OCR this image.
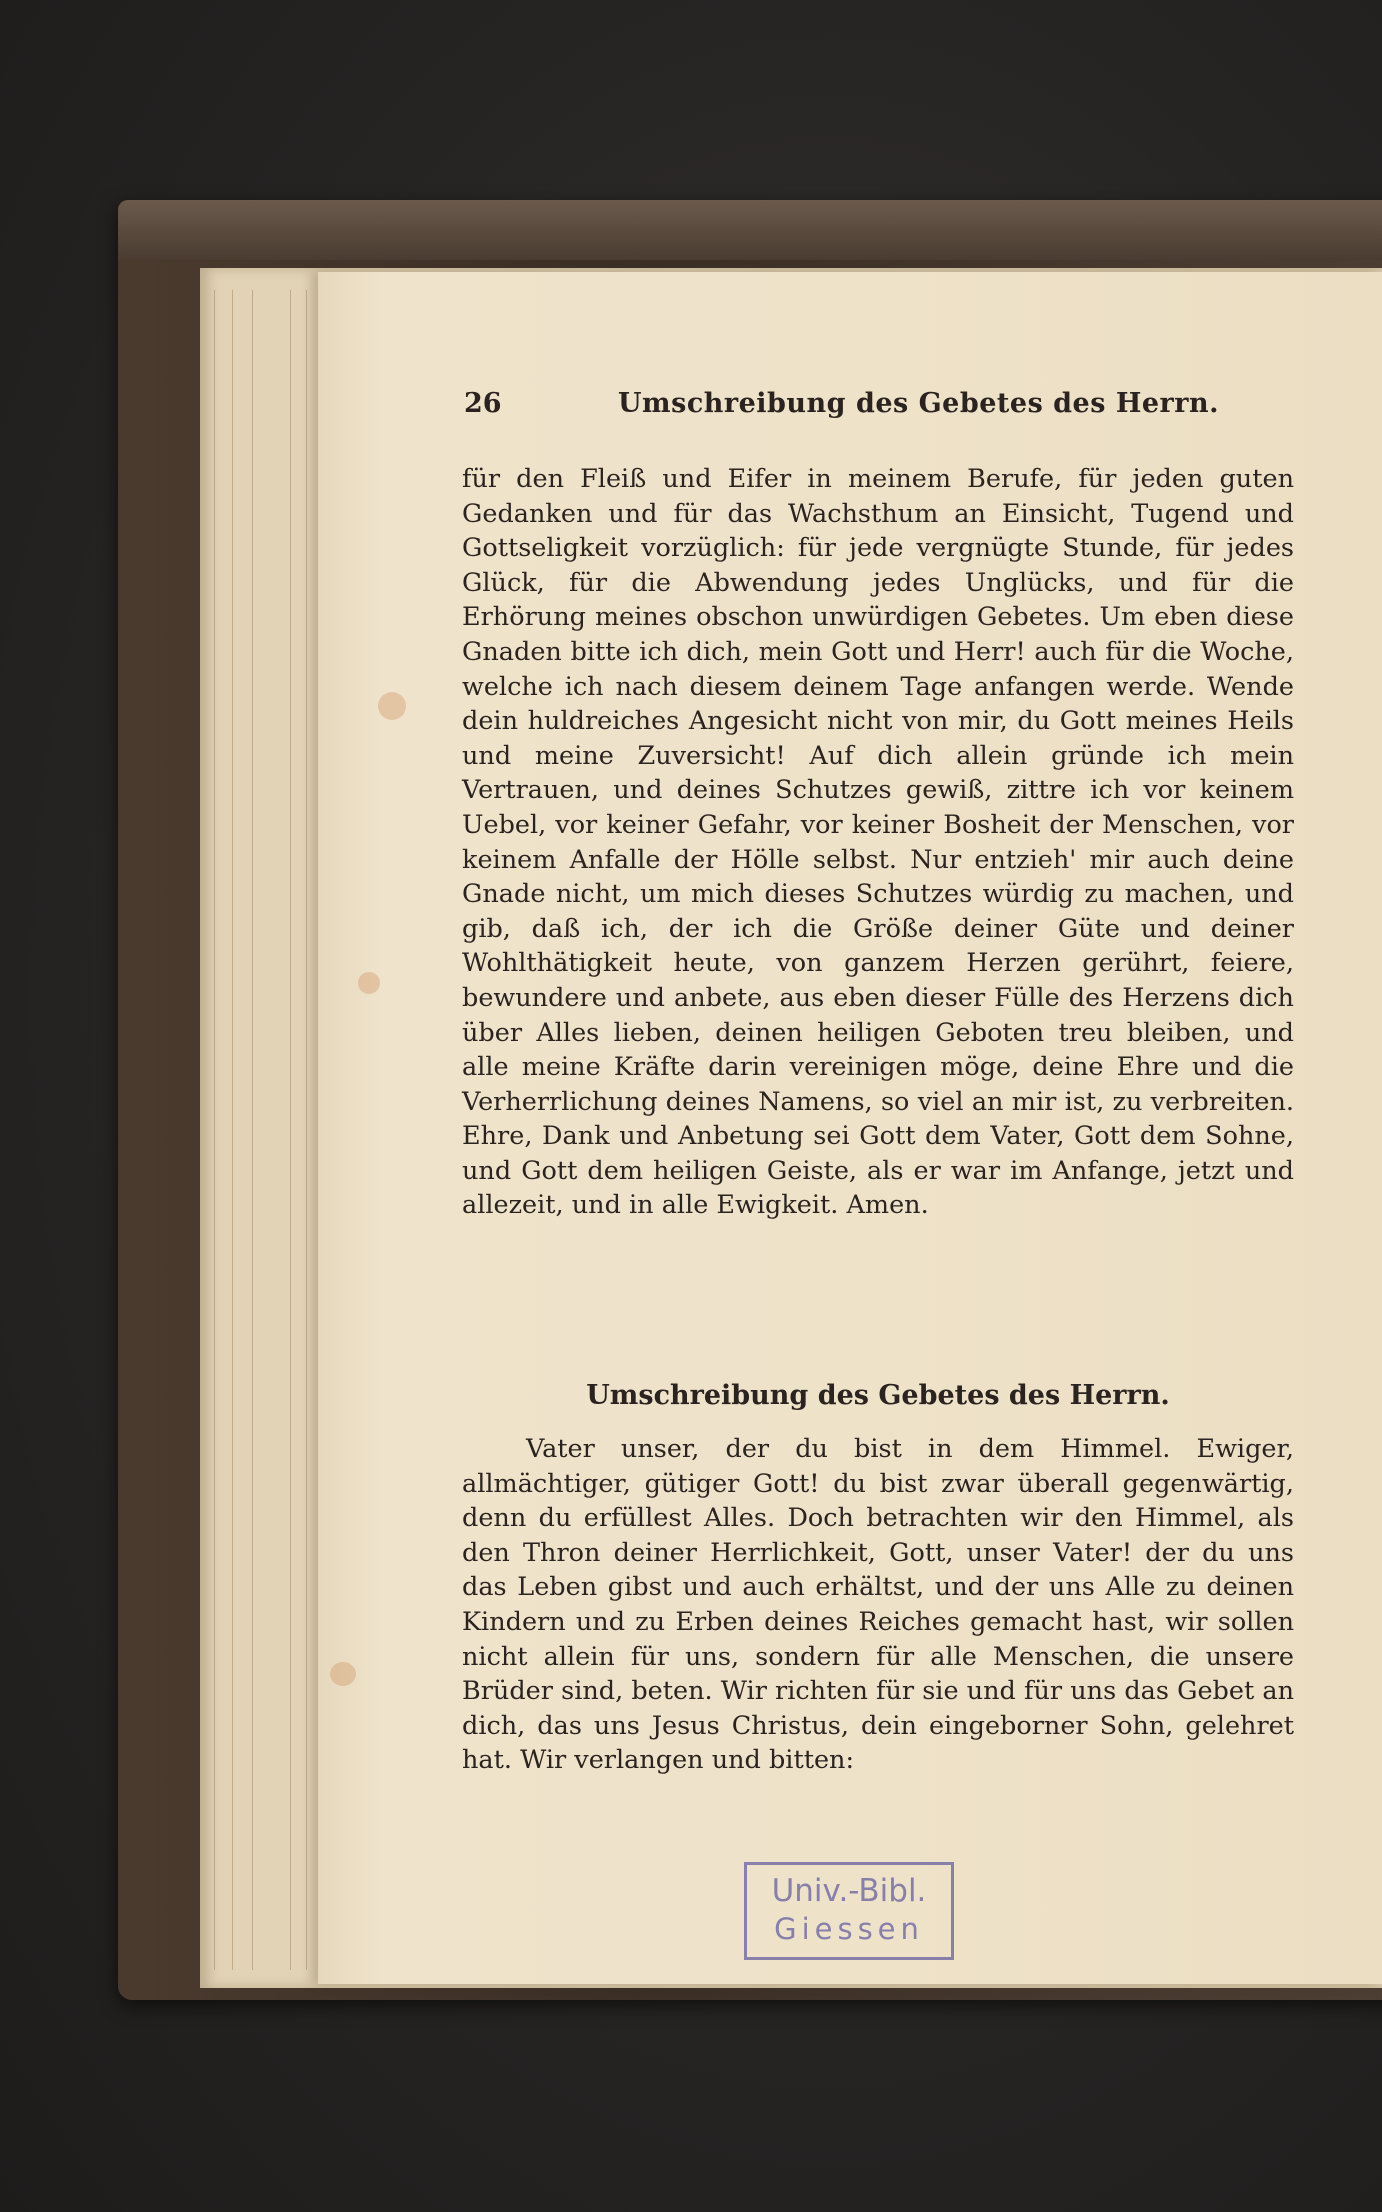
26	Umschreibung des Gebetes des Herrn.

für den Fleiß und Eifer in meinem Berufe, für jeden guten Gedanken und für das Wachsthum an Einsicht, Tugend und Gottseligkeit vorzüglich: für jede vergnügte Stunde, für jedes Glück, für die Abwendung jedes Unglücks, und für die Erhörung meines obschon unwürdigen Gebetes. Um eben diese Gnaden bitte ich dich, mein Gott und Herr! auch für die Woche, welche ich nach diesem deinem Tage anfangen werde. Wende dein huldreiches Angesicht nicht von mir, du Gott meines Heils und meine Zuversicht! Auf dich allein gründe ich mein Vertrauen, und deines Schutzes gewiß, zittre ich vor keinem Uebel, vor keiner Gefahr, vor keiner Bosheit der Menschen, vor keinem Anfalle der Hölle selbst. Nur entzieh' mir auch deine Gnade nicht, um mich dieses Schutzes würdig zu machen, und gib, daß ich, der ich die Größe deiner Güte und deiner Wohlthätigkeit heute, von ganzem Herzen gerührt, feiere, bewundere und anbete, aus eben dieser Fülle des Herzens dich über Alles lieben, deinen heiligen Geboten treu bleiben, und alle meine Kräfte darin vereinigen möge, deine Ehre und die Verherrlichung deines Namens, so viel an mir ist, zu verbreiten. Ehre, Dank und Anbetung sei Gott dem Vater, Gott dem Sohne, und Gott dem heiligen Geiste, als er war im Anfange, jetzt und allezeit, und in alle Ewigkeit. Amen.

Umschreibung des Gebetes des Herrn.

Vater unser, der du bist in dem Himmel. Ewiger, allmächtiger, gütiger Gott! du bist zwar überall gegenwärtig, denn du erfüllest Alles. Doch betrachten wir den Himmel, als den Thron deiner Herrlichkeit, Gott, unser Vater! der du uns das Leben gibst und auch erhältst, und der uns Alle zu deinen Kindern und zu Erben deines Reiches gemacht hast, wir sollen nicht allein für uns, sondern für alle Menschen, die unsere Brüder sind, beten. Wir richten für sie und für uns das Gebet an dich, das uns Jesus Christus, dein eingeborner Sohn, gelehret hat. Wir verlangen und bitten:

Univ.-Bibl.
Giessen
